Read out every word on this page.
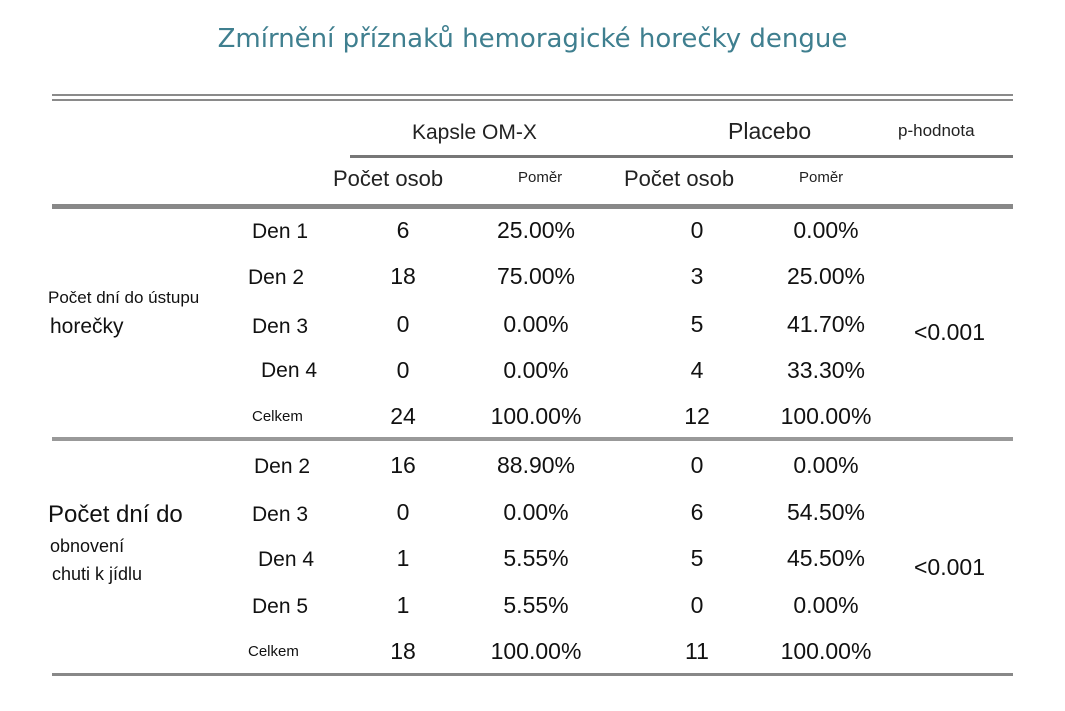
Zmírnění příznaků hemoragické horečky dengue
Kapsle OM-X	Placebo	p-hodnota
Počet osob	Poměr	Počet osob	Poměr
Počet dní do ústupu
horečky
Den 1	6	25.00%	0	0.00%
Den 2	18	75.00%	3	25.00%
Den 3	0	0.00%	5	41.70%
Den 4	0	0.00%	4	33.30%
Celkem	24	100.00%	12	100.00%
<0.001
Počet dní do
obnovení
chuti k jídlu
Den 2	16	88.90%	0	0.00%
Den 3	0	0.00%	6	54.50%
Den 4	1	5.55%	5	45.50%
Den 5	1	5.55%	0	0.00%
Celkem	18	100.00%	11	100.00%
<0.001
